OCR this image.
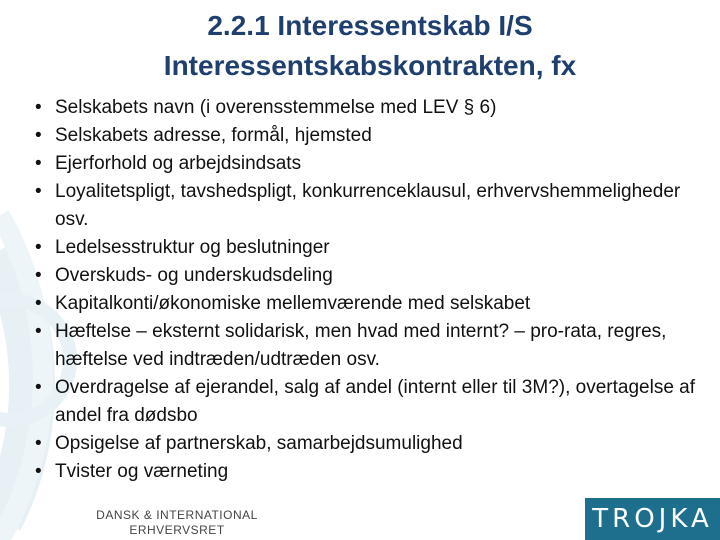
2.2.1 Interessentskab I/S
Interessentskabskontrakten, fx
• Selskabets navn (i overensstemmelse med LEV § 6)
• Selskabets adresse, formål, hjemsted
• Ejerforhold og arbejdsindsats
• Loyalitetspligt, tavshedspligt, konkurrenceklausul, erhvervshemmeligheder osv.
• Ledelsesstruktur og beslutninger
• Overskuds- og underskudsdeling
• Kapitalkonti/økonomiske mellemværende med selskabet
• Hæftelse – eksternt solidarisk, men hvad med internt? – pro-rata, regres, hæftelse ved indtræden/udtræden osv.
• Overdragelse af ejerandel, salg af andel (internt eller til 3M?), overtagelse af andel fra dødsbo
• Opsigelse af partnerskab, samarbejdsumulighed
• Tvister og værneting
DANSK & INTERNATIONAL
ERHVERVSRET	TROJKA
